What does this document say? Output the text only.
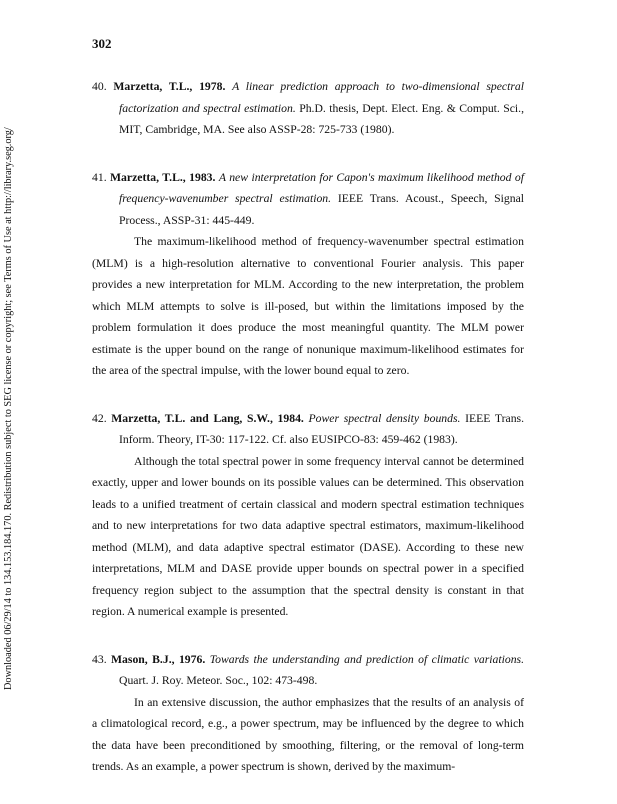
302
Downloaded 06/29/14 to 134.153.184.170. Redistribution subject to SEG license or copyright; see Terms of Use at http://library.seg.org/

40. Marzetta, T.L., 1978. A linear prediction approach to two-dimensional spectral factorization and spectral estimation. Ph.D. thesis, Dept. Elect. Eng. & Comput. Sci., MIT, Cambridge, MA. See also ASSP-28: 725-733 (1980).

41. Marzetta, T.L., 1983. A new interpretation for Capon's maximum likelihood method of frequency-wavenumber spectral estimation. IEEE Trans. Acoust., Speech, Signal Process., ASSP-31: 445-449.

The maximum-likelihood method of frequency-wavenumber spectral estimation (MLM) is a high-resolution alternative to conventional Fourier analysis. This paper provides a new interpretation for MLM. According to the new interpretation, the problem which MLM attempts to solve is ill-posed, but within the limitations imposed by the problem formulation it does produce the most meaningful quantity. The MLM power estimate is the upper bound on the range of nonunique maximum-likelihood estimates for the area of the spectral impulse, with the lower bound equal to zero.

42. Marzetta, T.L. and Lang, S.W., 1984. Power spectral density bounds. IEEE Trans. Inform. Theory, IT-30: 117-122. Cf. also EUSIPCO-83: 459-462 (1983).

Although the total spectral power in some frequency interval cannot be determined exactly, upper and lower bounds on its possible values can be determined. This observation leads to a unified treatment of certain classical and modern spectral estimation techniques and to new interpretations for two data adaptive spectral estimators, maximum-likelihood method (MLM), and data adaptive spectral estimator (DASE). According to these new interpretations, MLM and DASE provide upper bounds on spectral power in a specified frequency region subject to the assumption that the spectral density is constant in that region. A numerical example is presented.

43. Mason, B.J., 1976. Towards the understanding and prediction of climatic variations. Quart. J. Roy. Meteor. Soc., 102: 473-498.

In an extensive discussion, the author emphasizes that the results of an analysis of a climatological record, e.g., a power spectrum, may be influenced by the degree to which the data have been preconditioned by smoothing, filtering, or the removal of long-term trends. As an example, a power spectrum is shown, derived by the maximum-
